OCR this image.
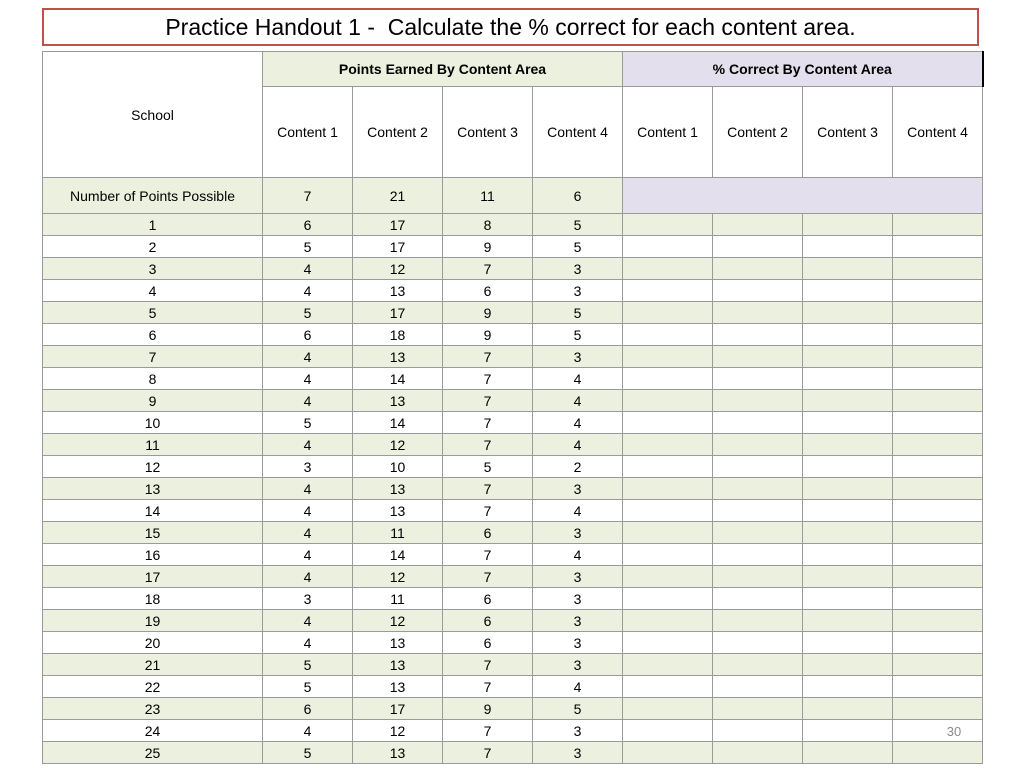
Practice Handout 1 -  Calculate the % correct for each content area.
School	Points Earned By Content Area				% Correct By Content Area			
	Content 1	Content 2	Content 3	Content 4	Content 1	Content 2	Content 3	Content 4
Number of Points Possible	7	21	11	6				
1	6	17	8	5				
2	5	17	9	5				
3	4	12	7	3				
4	4	13	6	3				
5	5	17	9	5				
6	6	18	9	5				
7	4	13	7	3				
8	4	14	7	4				
9	4	13	7	4				
10	5	14	7	4				
11	4	12	7	4				
12	3	10	5	2				
13	4	13	7	3				
14	4	13	7	4				
15	4	11	6	3				
16	4	14	7	4				
17	4	12	7	3				
18	3	11	6	3				
19	4	12	6	3				
20	4	13	6	3				
21	5	13	7	3				
22	5	13	7	4				
23	6	17	9	5				
24	4	12	7	3				
25	5	13	7	3				
30
